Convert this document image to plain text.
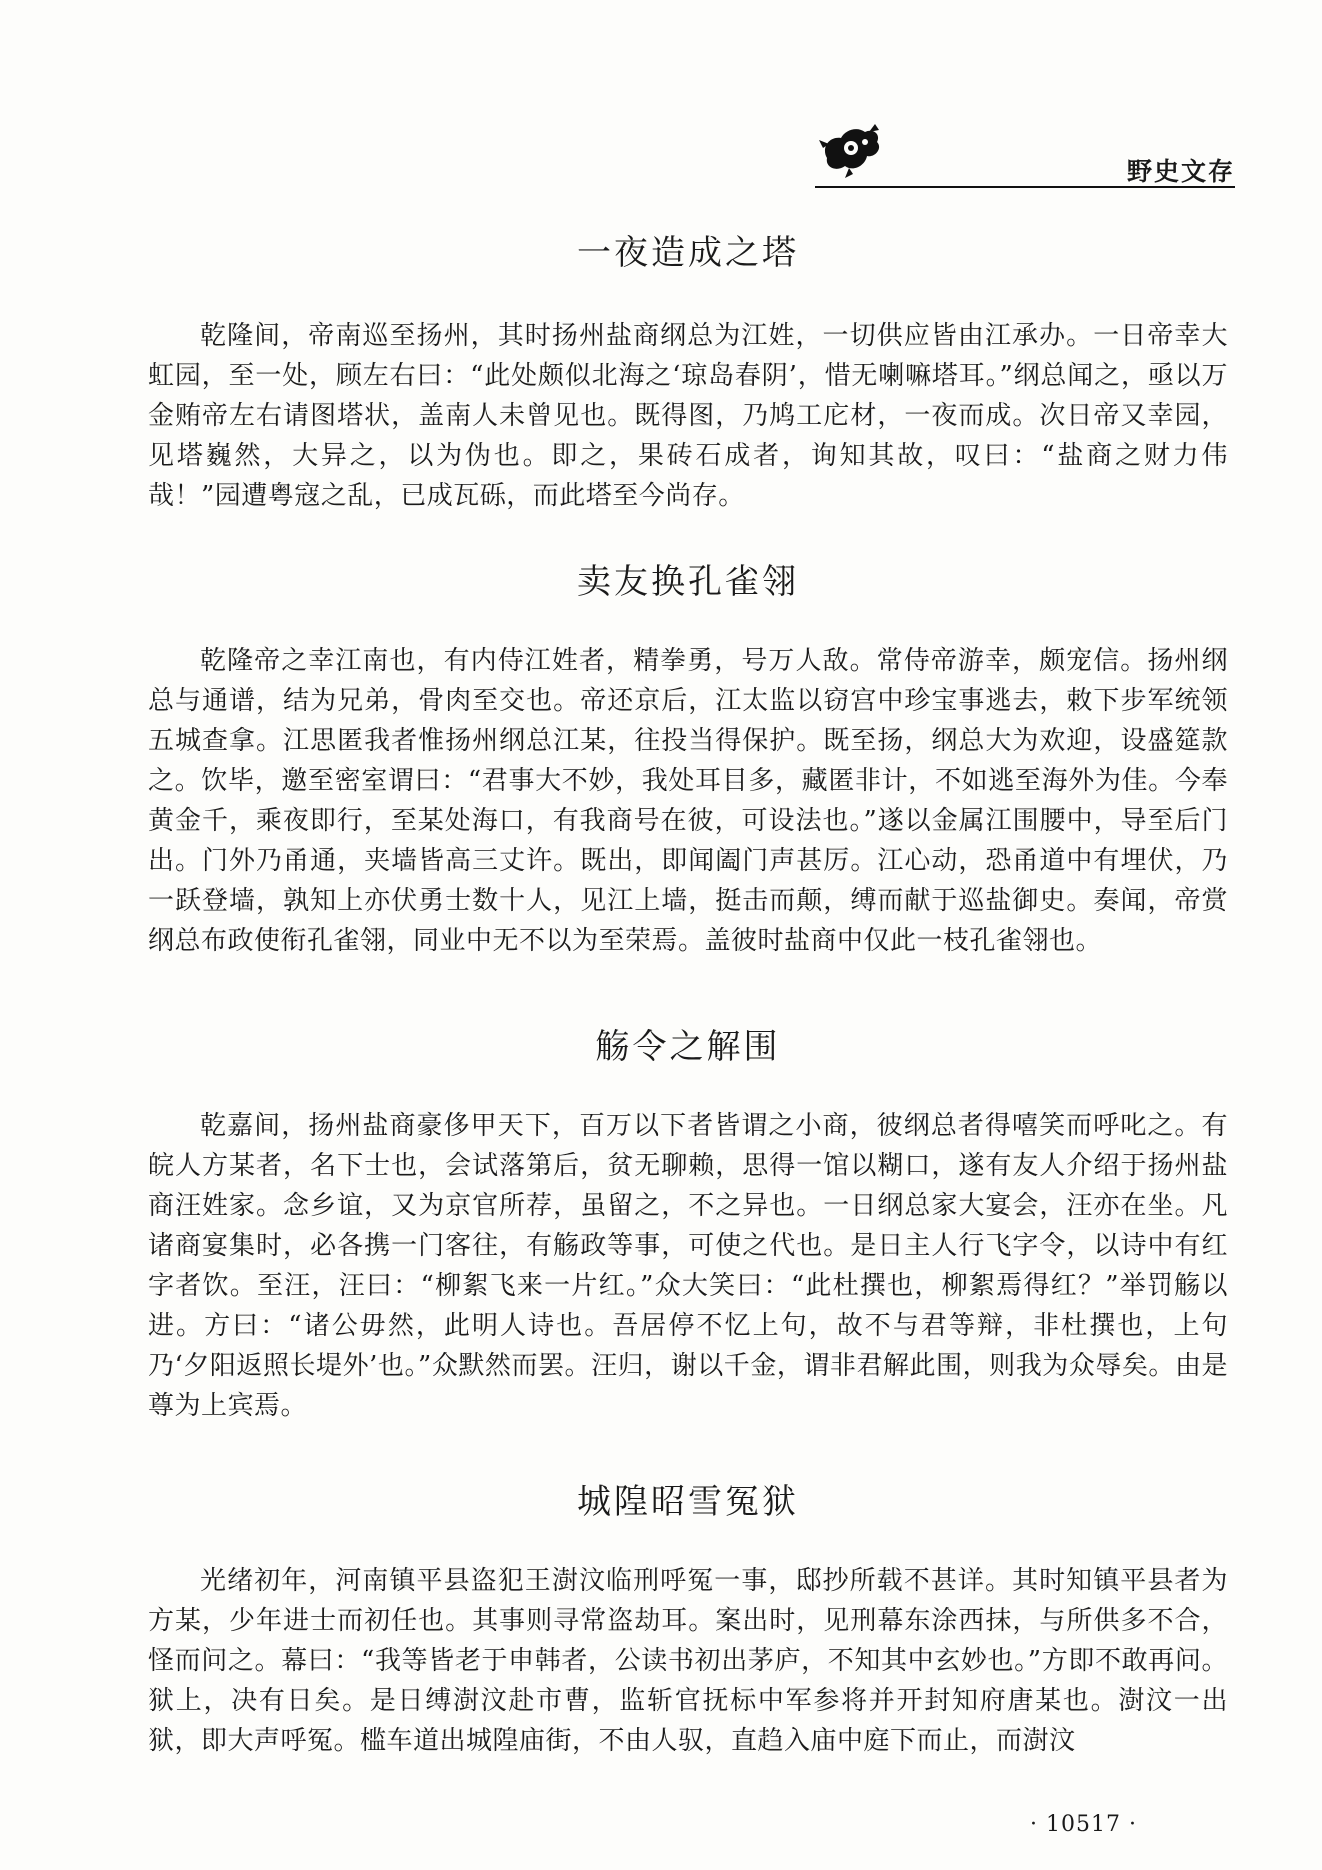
野史文存
一夜造成之塔

乾隆间，帝南巡至扬州，其时扬州盐商纲总为江姓，一切供应皆由江承办。一日帝幸大虹园，至一处，顾左右曰：“此处颇似北海之‘琼岛春阴’，惜无喇嘛塔耳。”纲总闻之，亟以万金贿帝左右请图塔状，盖南人未曾见也。既得图，乃鸠工庀材，一夜而成。次日帝又幸园，见塔巍然，大异之，以为伪也。即之，果砖石成者，询知其故，叹曰：“盐商之财力伟哉！”园遭粤寇之乱，已成瓦砾，而此塔至今尚存。

卖友换孔雀翎

乾隆帝之幸江南也，有内侍江姓者，精拳勇，号万人敌。常侍帝游幸，颇宠信。扬州纲总与通谱，结为兄弟，骨肉至交也。帝还京后，江太监以窃宫中珍宝事逃去，敕下步军统领五城查拿。江思匿我者惟扬州纲总江某，往投当得保护。既至扬，纲总大为欢迎，设盛筵款之。饮毕，邀至密室谓曰：“君事大不妙，我处耳目多，藏匿非计，不如逃至海外为佳。今奉黄金千，乘夜即行，至某处海口，有我商号在彼，可设法也。”遂以金属江围腰中，导至后门出。门外乃甬通，夹墙皆高三丈许。既出，即闻阖门声甚厉。江心动，恐甬道中有埋伏，乃一跃登墙，孰知上亦伏勇士数十人，见江上墙，挺击而颠，缚而献于巡盐御史。奏闻，帝赏纲总布政使衔孔雀翎，同业中无不以为至荣焉。盖彼时盐商中仅此一枝孔雀翎也。

觞令之解围

乾嘉间，扬州盐商豪侈甲天下，百万以下者皆谓之小商，彼纲总者得嘻笑而呼叱之。有皖人方某者，名下士也，会试落第后，贫无聊赖，思得一馆以糊口，遂有友人介绍于扬州盐商汪姓家。念乡谊，又为京官所荐，虽留之，不之异也。一日纲总家大宴会，汪亦在坐。凡诸商宴集时，必各携一门客往，有觞政等事，可使之代也。是日主人行飞字令，以诗中有红字者饮。至汪，汪曰：“柳絮飞来一片红。”众大笑曰：“此杜撰也，柳絮焉得红？”举罚觞以进。方曰：“诸公毋然，此明人诗也。吾居停不忆上句，故不与君等辩，非杜撰也，上句乃‘夕阳返照长堤外’也。”众默然而罢。汪归，谢以千金，谓非君解此围，则我为众辱矣。由是尊为上宾焉。

城隍昭雪冤狱

光绪初年，河南镇平县盗犯王澍汶临刑呼冤一事，邸抄所载不甚详。其时知镇平县者为方某，少年进士而初任也。其事则寻常盗劫耳。案出时，见刑幕东涂西抹，与所供多不合，怪而问之。幕曰：“我等皆老于申韩者，公读书初出茅庐，不知其中玄妙也。”方即不敢再问。狱上，决有日矣。是日缚澍汶赴市曹，监斩官抚标中军参将并开封知府唐某也。澍汶一出狱，即大声呼冤。槛车道出城隍庙街，不由人驭，直趋入庙中庭下而止，而澍汶

· 10517 ·
